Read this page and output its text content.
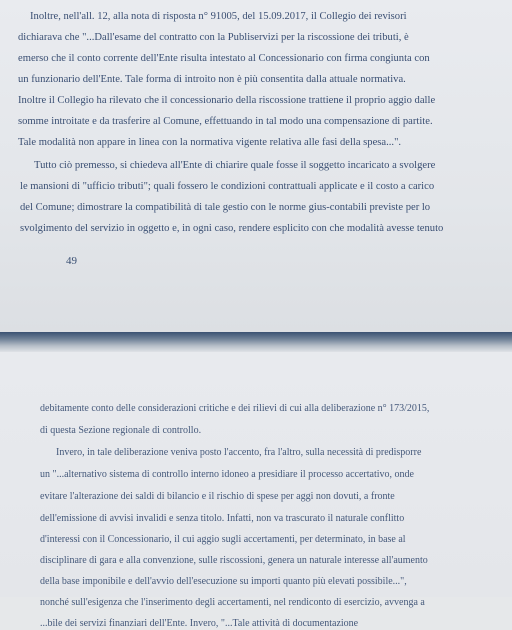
Inoltre, nell'all. 12, alla nota di risposta n° 91005, del 15.09.2017, il Collegio dei revisori
dichiarava che "...Dall'esame del contratto con la Publiservizi per la riscossione dei tributi, è
emerso che il conto corrente dell'Ente risulta intestato al Concessionario con firma congiunta con
un funzionario dell'Ente. Tale forma di introito non è più consentita dalla attuale normativa.
Inoltre il Collegio ha rilevato che il concessionario della riscossione trattiene il proprio aggio dalle
somme introitate e da trasferire al Comune, effettuando in tal modo una compensazione di partite.
Tale modalità non appare in linea con la normativa vigente relativa alle fasi della spesa...".
Tutto ciò premesso, si chiedeva all'Ente di chiarire quale fosse il soggetto incaricato a svolgere
le mansioni di "ufficio tributi"; quali fossero le condizioni contrattuali applicate e il costo a carico
del Comune; dimostrare la compatibilità di tale gestio con le norme gius-contabili previste per lo
svolgimento del servizio in oggetto e, in ogni caso, rendere esplicito con che modalità avesse tenuto
49
debitamente conto delle considerazioni critiche e dei rilievi di cui alla deliberazione n° 173/2015,
di questa Sezione regionale di controllo.
Invero, in tale deliberazione veniva posto l'accento, fra l'altro, sulla necessità di predisporre
un "...alternativo sistema di controllo interno idoneo a presidiare il processo accertativo, onde
evitare l'alterazione dei saldi di bilancio e il rischio di spese per aggi non dovuti, a fronte
dell'emissione di avvisi invalidi e senza titolo. Infatti, non va trascurato il naturale conflitto
d'interessi con il Concessionario, il cui aggio sugli accertamenti, per determinato, in base al
disciplinare di gara e alla convenzione, sulle riscossioni, genera un naturale interesse all'aumento
della base imponibile e dell'avvio dell'esecuzione su importi quanto più elevati possibile...",
nonché sull'esigenza che l'inserimento degli accertamenti, nel rendiconto di esercizio, avvenga a
...bile dei servizi finanziari dell'Ente. Invero, "...Tale attività di documentazione
